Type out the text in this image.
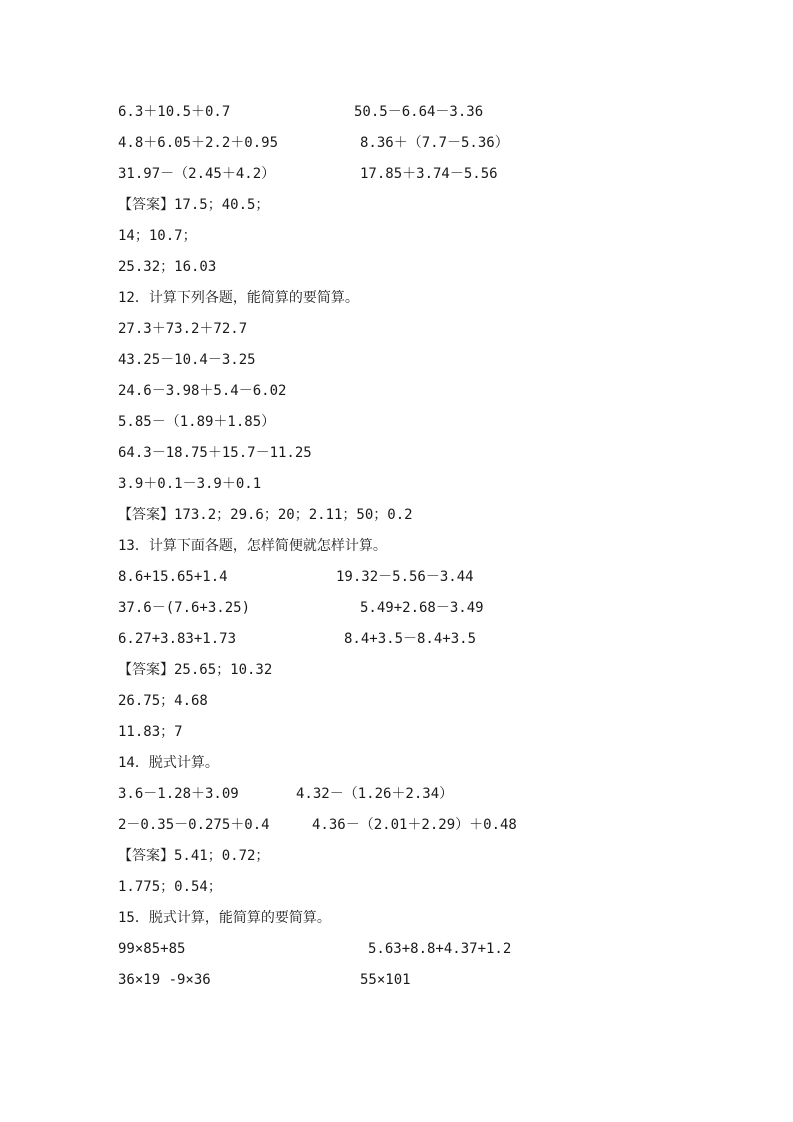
6.3＋10.5＋0.7	50.5－6.64－3.36
4.8＋6.05＋2.2＋0.95	8.36＋（7.7－5.36）
31.97－（2.45＋4.2）	17.85＋3.74－5.56
【答案】17.5；40.5；
14；10.7；
25.32；16.03
12．计算下列各题，能简算的要简算。
27.3＋73.2＋72.7
43.25－10.4－3.25
24.6－3.98＋5.4－6.02
5.85－（1.89＋1.85）
64.3－18.75＋15.7－11.25
3.9＋0.1－3.9＋0.1
【答案】173.2；29.6；20；2.11；50；0.2
13．计算下面各题，怎样简便就怎样计算。
8.6+15.65+1.4	19.32－5.56－3.44
37.6－(7.6+3.25)	5.49+2.68－3.49
6.27+3.83+1.73	8.4+3.5－8.4+3.5
【答案】25.65；10.32
26.75；4.68
11.83；7
14．脱式计算。
3.6－1.28＋3.09	4.32－（1.26＋2.34）
2－0.35－0.275＋0.4	4.36－（2.01＋2.29）＋0.48
【答案】5.41；0.72；
1.775；0.54；
15．脱式计算，能简算的要简算。
99×85+85	5.63+8.8+4.37+1.2
36×19 -9×36	55×101
